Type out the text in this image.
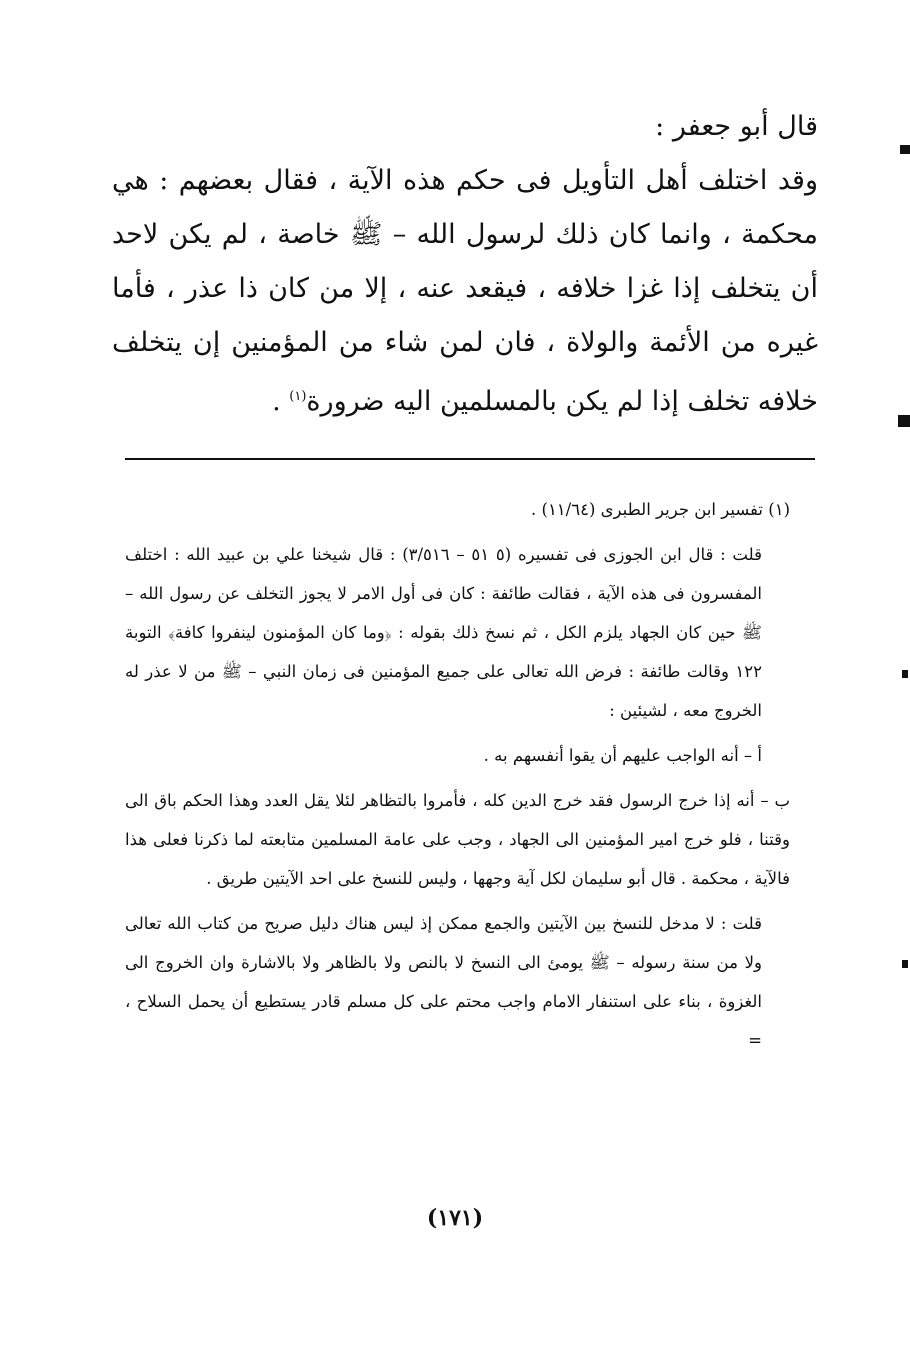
قال أبو جعفر :

وقد اختلف أهل التأويل فى حكم هذه الآية ، فقال بعضهم : هي محكمة ، وانما كان ذلك لرسول الله – ﷺ خاصة ، لم يكن لاحد أن يتخلف إذا غزا خلافه ، فيقعد عنه ، إلا من كان ذا عذر ، فأما غيره من الأئمة والولاة ، فان لمن شاء من المؤمنين إن يتخلف خلافه تخلف إذا لم يكن بالمسلمين اليه ضرورة$^{(١)}$ .

(١) تفسير ابن جرير الطبرى (١١/٦٤) .

قلت : قال ابن الجوزى فى تفسيره (٥ ٥١ – ٣/٥١٦) : قال شيخنا علي بن عبيد الله : اختلف المفسرون فى هذه الآية ، فقالت طائفة : كان فى أول الامر لا يجوز التخلف عن رسول الله – ﷺ حين كان الجهاد يلزم الكل ، ثم نسخ ذلك بقوله : ﴿وما كان المؤمنون لينفروا كافة﴾ التوبة ١٢٢ وقالت طائفة : فرض الله تعالى على جميع المؤمنين فى زمان النبي – ﷺ من لا عذر له الخروج معه ، لشيئين :

أ – أنه الواجب عليهم أن يقوا أنفسهم به .

ب – أنه إذا خرج الرسول فقد خرج الدين كله ، فأمروا بالتظاهر لئلا يقل العدد وهذا الحكم باق الى وقتنا ، فلو خرج امير المؤمنين الى الجهاد ، وجب على عامة المسلمين متابعته لما ذكرنا فعلى هذا فالآية ، محكمة . قال أبو سليمان لكل آية وجهها ، وليس للنسخ على احد الآيتين طريق .

قلت : لا مدخل للنسخ بين الآيتين والجمع ممكن إذ ليس هناك دليل صريح من كتاب الله تعالى ولا من سنة رسوله – ﷺ يومئ الى النسخ لا بالنص ولا بالظاهر ولا بالاشارة وان الخروج الى الغزوة ، بناء على استنفار الامام واجب محتم على كل مسلم قادر يستطيع أن يحمل السلاح ، =

(١٧١)
